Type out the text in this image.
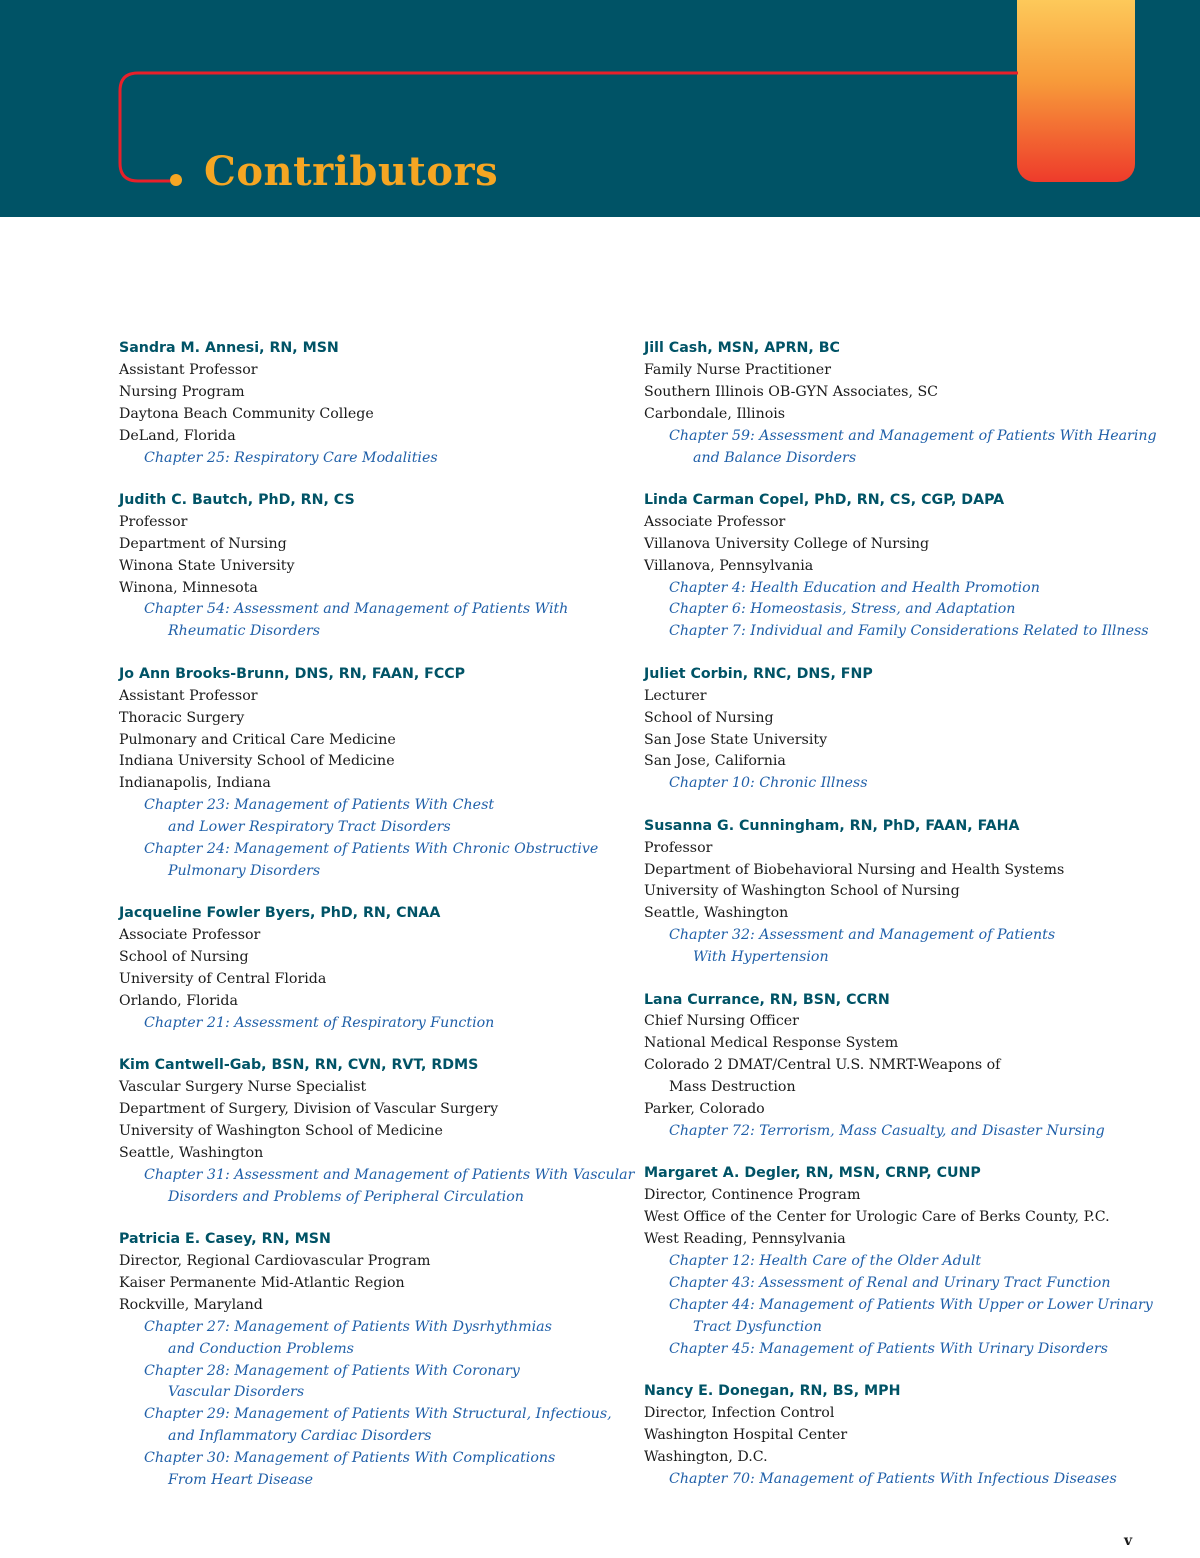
Contributors
Sandra M. Annesi, RN, MSN
Assistant Professor
Nursing Program
Daytona Beach Community College
DeLand, Florida
Chapter 25: Respiratory Care Modalities
Judith C. Bautch, PhD, RN, CS
Professor
Department of Nursing
Winona State University
Winona, Minnesota
Chapter 54: Assessment and Management of Patients With
Rheumatic Disorders
Jo Ann Brooks-Brunn, DNS, RN, FAAN, FCCP
Assistant Professor
Thoracic Surgery
Pulmonary and Critical Care Medicine
Indiana University School of Medicine
Indianapolis, Indiana
Chapter 23: Management of Patients With Chest
and Lower Respiratory Tract Disorders
Chapter 24: Management of Patients With Chronic Obstructive
Pulmonary Disorders
Jacqueline Fowler Byers, PhD, RN, CNAA
Associate Professor
School of Nursing
University of Central Florida
Orlando, Florida
Chapter 21: Assessment of Respiratory Function
Kim Cantwell-Gab, BSN, RN, CVN, RVT, RDMS
Vascular Surgery Nurse Specialist
Department of Surgery, Division of Vascular Surgery
University of Washington School of Medicine
Seattle, Washington
Chapter 31: Assessment and Management of Patients With Vascular
Disorders and Problems of Peripheral Circulation
Patricia E. Casey, RN, MSN
Director, Regional Cardiovascular Program
Kaiser Permanente Mid-Atlantic Region
Rockville, Maryland
Chapter 27: Management of Patients With Dysrhythmias
and Conduction Problems
Chapter 28: Management of Patients With Coronary
Vascular Disorders
Chapter 29: Management of Patients With Structural, Infectious,
and Inflammatory Cardiac Disorders
Chapter 30: Management of Patients With Complications
From Heart Disease
Jill Cash, MSN, APRN, BC
Family Nurse Practitioner
Southern Illinois OB-GYN Associates, SC
Carbondale, Illinois
Chapter 59: Assessment and Management of Patients With Hearing
and Balance Disorders
Linda Carman Copel, PhD, RN, CS, CGP, DAPA
Associate Professor
Villanova University College of Nursing
Villanova, Pennsylvania
Chapter 4: Health Education and Health Promotion
Chapter 6: Homeostasis, Stress, and Adaptation
Chapter 7: Individual and Family Considerations Related to Illness
Juliet Corbin, RNC, DNS, FNP
Lecturer
School of Nursing
San Jose State University
San Jose, California
Chapter 10: Chronic Illness
Susanna G. Cunningham, RN, PhD, FAAN, FAHA
Professor
Department of Biobehavioral Nursing and Health Systems
University of Washington School of Nursing
Seattle, Washington
Chapter 32: Assessment and Management of Patients
With Hypertension
Lana Currance, RN, BSN, CCRN
Chief Nursing Officer
National Medical Response System
Colorado 2 DMAT/Central U.S. NMRT-Weapons of
Mass Destruction
Parker, Colorado
Chapter 72: Terrorism, Mass Casualty, and Disaster Nursing
Margaret A. Degler, RN, MSN, CRNP, CUNP
Director, Continence Program
West Office of the Center for Urologic Care of Berks County, P.C.
West Reading, Pennsylvania
Chapter 12: Health Care of the Older Adult
Chapter 43: Assessment of Renal and Urinary Tract Function
Chapter 44: Management of Patients With Upper or Lower Urinary
Tract Dysfunction
Chapter 45: Management of Patients With Urinary Disorders
Nancy E. Donegan, RN, BS, MPH
Director, Infection Control
Washington Hospital Center
Washington, D.C.
Chapter 70: Management of Patients With Infectious Diseases
v
